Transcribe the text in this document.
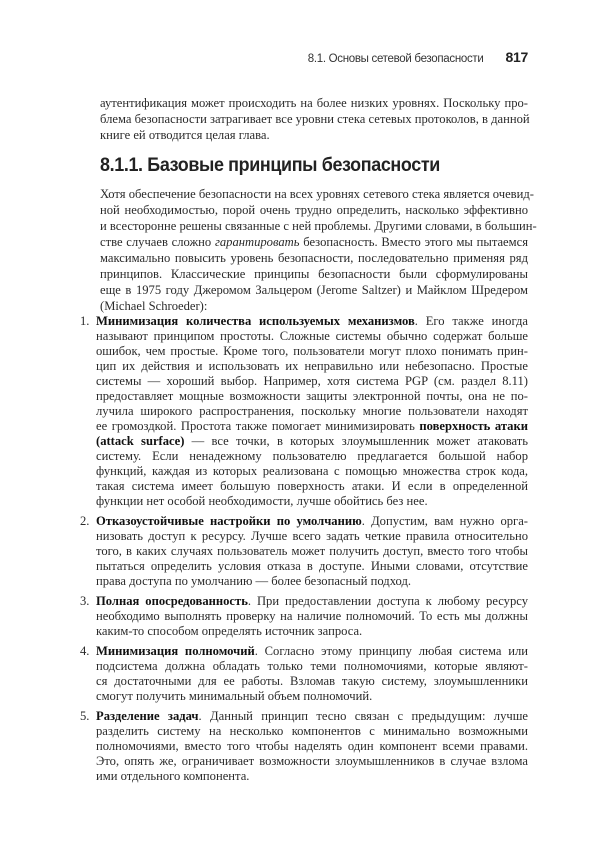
8.1. Основы сетевой безопасности 817
аутентификация может происходить на более низких уровнях. Поскольку про-
блема безопасности затрагивает все уровни стека сетевых протоколов, в данной
книге ей отводится целая глава.
8.1.1. Базовые принципы безопасности
Хотя обеспечение безопасности на всех уровнях сетевого стека является очевид-
ной необходимостью, порой очень трудно определить, насколько эффективно
и всесторонне решены связанные с ней проблемы. Другими словами, в большин-
стве случаев сложно гарантировать безопасность. Вместо этого мы пытаемся
максимально повысить уровень безопасности, последовательно применяя ряд
принципов. Классические принципы безопасности были сформулированы
еще в 1975 году Джеромом Зальцером (Jerome Saltzer) и Майклом Шредером
(Michael Schroeder):
1. Минимизация количества используемых механизмов. Его также иногда
называют принципом простоты. Сложные системы обычно содержат больше
ошибок, чем простые. Кроме того, пользователи могут плохо понимать прин-
цип их действия и использовать их неправильно или небезопасно. Простые
системы — хороший выбор. Например, хотя система PGP (см. раздел 8.11)
предоставляет мощные возможности защиты электронной почты, она не по-
лучила широкого распространения, поскольку многие пользователи находят
ее громоздкой. Простота также помогает минимизировать поверхность атаки
(attack surface) — все точки, в которых злоумышленник может атаковать
систему. Если ненадежному пользователю предлагается большой набор
функций, каждая из которых реализована с помощью множества строк кода,
такая система имеет большую поверхность атаки. И если в определенной
функции нет особой необходимости, лучше обойтись без нее.
2. Отказоустойчивые настройки по умолчанию. Допустим, вам нужно орга-
низовать доступ к ресурсу. Лучше всего задать четкие правила относительно
того, в каких случаях пользователь может получить доступ, вместо того чтобы
пытаться определить условия отказа в доступе. Иными словами, отсутствие
права доступа по умолчанию — более безопасный подход.
3. Полная опосредованность. При предоставлении доступа к любому ресурсу
необходимо выполнять проверку на наличие полномочий. То есть мы должны
каким-то способом определять источник запроса.
4. Минимизация полномочий. Согласно этому принципу любая система или
подсистема должна обладать только теми полномочиями, которые являют-
ся достаточными для ее работы. Взломав такую систему, злоумышленники
смогут получить минимальный объем полномочий.
5. Разделение задач. Данный принцип тесно связан с предыдущим: лучше
разделить систему на несколько компонентов с минимально возможными
полномочиями, вместо того чтобы наделять один компонент всеми правами.
Это, опять же, ограничивает возможности злоумышленников в случае взлома
ими отдельного компонента.
